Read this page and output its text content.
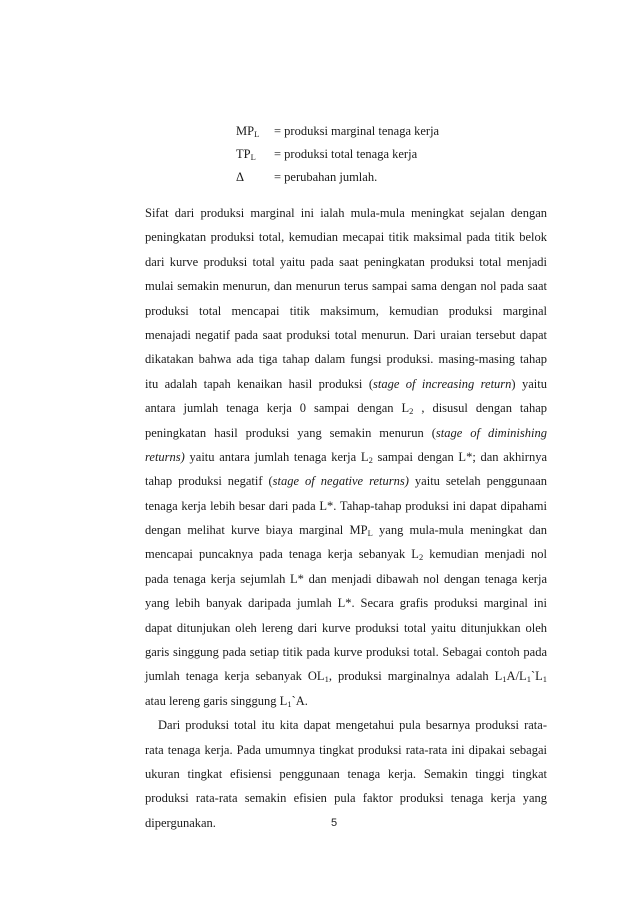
$MP_L$	= produksi marginal tenaga kerja
$TP_L$	= produksi total tenaga kerja
Δ	= perubahan jumlah.
Sifat dari produksi marginal ini ialah mula-mula meningkat sejalan dengan
peningkatan produksi total, kemudian mecapai titik maksimal pada titik belok
dari kurve produksi total yaitu pada saat peningkatan produksi total menjadi
mulai semakin menurun, dan menurun terus sampai sama dengan nol pada saat
produksi total mencapai titik maksimum, kemudian produksi marginal
menajadi negatif pada saat produksi total menurun. Dari uraian tersebut dapat
dikatakan bahwa ada tiga tahap dalam fungsi produksi. masing-masing tahap
itu adalah tapah kenaikan hasil produksi (stage of increasing return) yaitu
antara jumlah tenaga kerja 0 sampai dengan $L_2$ , disusul dengan tahap
peningkatan hasil produksi yang semakin menurun (stage of diminishing
returns) yaitu antara jumlah tenaga kerja $L_2$ sampai dengan L*; dan akhirnya
tahap produksi negatif (stage of negative returns) yaitu setelah penggunaan
tenaga kerja lebih besar dari pada L*. Tahap-tahap produksi ini dapat dipahami
dengan melihat kurve biaya marginal $MP_L$ yang mula-mula meningkat dan
mencapai puncaknya pada tenaga kerja sebanyak $L_2$ kemudian menjadi nol
pada tenaga kerja sejumlah L* dan menjadi dibawah nol dengan tenaga kerja
yang lebih banyak daripada jumlah L*. Secara grafis produksi marginal ini
dapat ditunjukan oleh lereng dari kurve produksi total yaitu ditunjukkan oleh
garis singgung pada setiap titik pada kurve produksi total. Sebagai contoh pada
jumlah tenaga kerja sebanyak $OL_1$, produksi marginalnya adalah $L_1A/L_1`L_1$
atau lereng garis singgung $L_1`A$.
Dari produksi total itu kita dapat mengetahui pula besarnya produksi rata-
rata tenaga kerja. Pada umumnya tingkat produksi rata-rata ini dipakai sebagai
ukuran tingkat efisiensi penggunaan tenaga kerja. Semakin tinggi tingkat
produksi rata-rata semakin efisien pula faktor produksi tenaga kerja yang
dipergunakan.	5
